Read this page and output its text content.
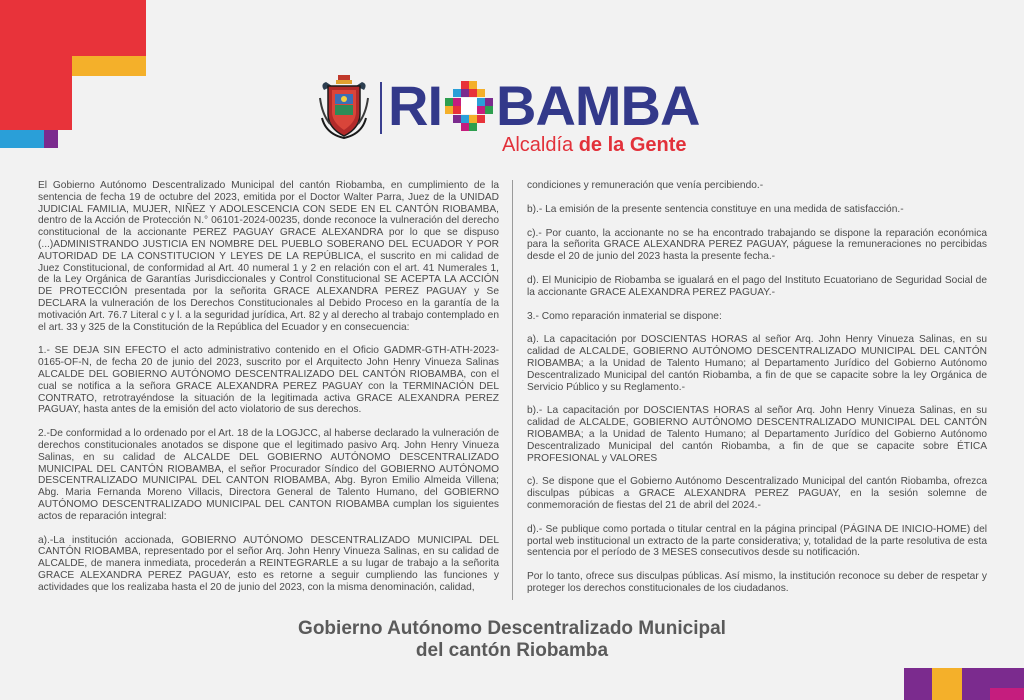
RI BAMBA
Alcaldía de la Gente

El Gobierno Autónomo Descentralizado Municipal del cantón Riobamba, en cumplimiento de la sentencia de fecha 19 de octubre del 2023, emitida por el Doctor Walter Parra, Juez de la UNIDAD JUDICIAL FAMILIA, MUJER, NIÑEZ Y ADOLESCENCIA CON SEDE EN EL CANTÓN RIOBAMBA, dentro de la Acción de Protección N.° 06101-2024-00235, donde reconoce la vulneración del derecho constitucional de la accionante PEREZ PAGUAY GRACE ALEXANDRA por lo que se dispuso (...)ADMINISTRANDO JUSTICIA EN NOMBRE DEL PUEBLO SOBERANO DEL ECUADOR Y POR AUTORIDAD DE LA CONSTITUCION Y LEYES DE LA REPÚBLICA, el suscrito en mi calidad de Juez Constitucional, de conformidad al Art. 40 numeral 1 y 2 en relación con el art. 41 Numerales 1, de la Ley Orgánica de Garantías Jurisdiccionales y Control Constitucional SE ACEPTA LA ACCIÓN DE PROTECCIÓN presentada por la señorita GRACE ALEXANDRA PEREZ PAGUAY y Se DECLARA la vulneración de los Derechos Constitucionales al Debido Proceso en la garantía de la motivación Art. 76.7 Literal c y l. a la seguridad jurídica, Art. 82 y al derecho al trabajo contemplado en el art. 33 y 325 de la Constitución de la República del Ecuador y en consecuencia:

1.- SE DEJA SIN EFECTO el acto administrativo contenido en el Oficio GADMR-GTH-ATH-2023-0165-OF-N, de fecha 20 de junio del 2023, suscrito por el Arquitecto John Henry Vinueza Salinas ALCALDE DEL GOBIERNO AUTÓNOMO DESCENTRALIZADO DEL CANTÓN RIOBAMBA, con el cual se notifica a la señora GRACE ALEXANDRA PEREZ PAGUAY con la TERMINACIÓN DEL CONTRATO, retrotrayéndose la situación de la legitimada activa GRACE ALEXANDRA PEREZ PAGUAY, hasta antes de la emisión del acto violatorio de sus derechos.

2.-De conformidad a lo ordenado por el Art. 18 de la LOGJCC, al haberse declarado la vulneración de derechos constitucionales anotados se dispone que el legitimado pasivo Arq. John Henry Vinueza Salinas, en su calidad de ALCALDE DEL GOBIERNO AUTÓNOMO DESCENTRALIZADO MUNICIPAL DEL CANTÓN RIOBAMBA, el señor Procurador Síndico del GOBIERNO AUTÓNOMO DESCENTRALIZADO MUNICIPAL DEL CANTON RIOBAMBA, Abg. Byron Emilio Almeida Villena; Abg. Maria Fernanda Moreno Villacis, Directora General de Talento Humano, del GOBIERNO AUTÓNOMO DESCENTRALIZADO MUNICIPAL DEL CANTON RIOBAMBA cumplan los siguientes actos de reparación integral:

a).-La institución accionada, GOBIERNO AUTÓNOMO DESCENTRALIZADO MUNICIPAL DEL CANTÓN RIOBAMBA, representado por el señor Arq. John Henry Vinueza Salinas, en su calidad de ALCALDE, de manera inmediata, procederán a REINTEGRARLE a su lugar de trabajo a la señorita GRACE ALEXANDRA PEREZ PAGUAY, esto es retorne a seguir cumpliendo las funciones y actividades que los realizaba hasta el 20 de junio del 2023, con la misma denominación, calidad,

condiciones y remuneración que venía percibiendo.-

b).- La emisión de la presente sentencia constituye en una medida de satisfacción.-

c).- Por cuanto, la accionante no se ha encontrado trabajando se dispone la reparación económica para la señorita GRACE ALEXANDRA PEREZ PAGUAY, páguese la remuneraciones no percibidas desde el 20 de junio del 2023 hasta la presente fecha.-

d). El Municipio de Riobamba se igualará en el pago del Instituto Ecuatoriano de Seguridad Social de la accionante GRACE ALEXANDRA PEREZ PAGUAY.-

3.- Como reparación inmaterial se dispone:

a). La capacitación por DOSCIENTAS HORAS al señor Arq. John Henry Vinueza Salinas, en su calidad de ALCALDE, GOBIERNO AUTÓNOMO DESCENTRALIZADO MUNICIPAL DEL CANTÓN RIOBAMBA; a la Unidad de Talento Humano; al Departamento Jurídico del Gobierno Autónomo Descentralizado Municipal del cantón Riobamba, a fin de que se capacite sobre la ley Orgánica de Servicio Público y su Reglamento.-

b).- La capacitación por DOSCIENTAS HORAS al señor Arq. John Henry Vinueza Salinas, en su calidad de ALCALDE, GOBIERNO AUTÓNOMO DESCENTRALIZADO MUNICIPAL DEL CANTÓN RIOBAMBA; a la Unidad de Talento Humano; al Departamento Jurídico del Gobierno Autónomo Descentralizado Municipal del cantón Riobamba, a fin de que se capacite sobre ÉTICA PROFESIONAL y VALORES

c). Se dispone que el Gobierno Autónomo Descentralizado Municipal del cantón Riobamba, ofrezca disculpas púbicas a GRACE ALEXANDRA PEREZ PAGUAY, en la sesión solemne de conmemoración de fiestas del 21 de abril del 2024.-

d).- Se publique como portada o titular central en la página principal (PÁGINA DE INICIO-HOME) del portal web institucional un extracto de la parte considerativa; y, totalidad de la parte resolutiva de esta sentencia por el período de 3 MESES consecutivos desde su notificación.

Por lo tanto, ofrece sus disculpas públicas. Así mismo, la institución reconoce su deber de respetar y proteger los derechos constitucionales de los ciudadanos.

Gobierno Autónomo Descentralizado Municipal
del cantón Riobamba
